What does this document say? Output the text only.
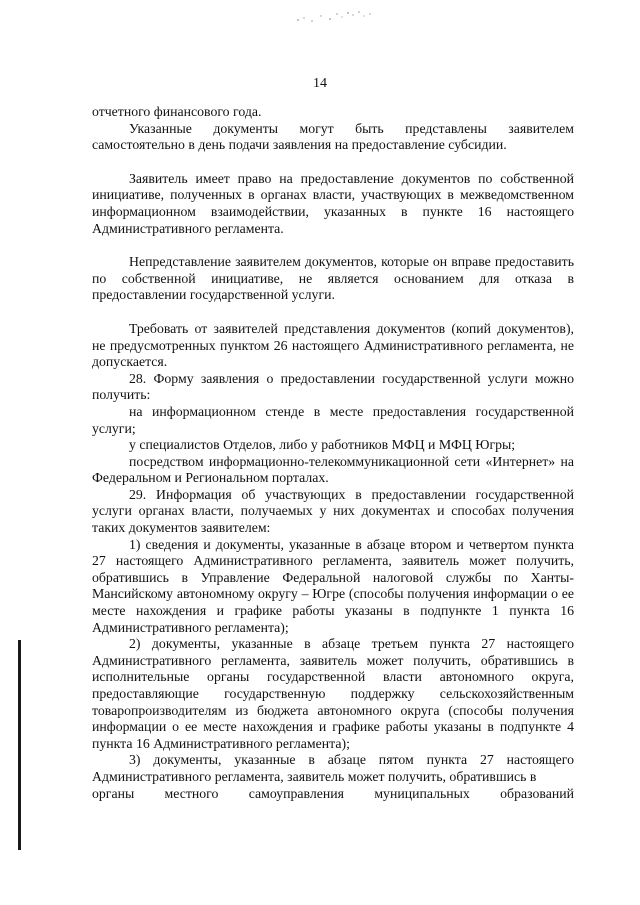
14

отчетного финансового года.

Указанные документы могут быть представлены заявителем самостоятельно в день подачи заявления на предоставление субсидии.

Заявитель имеет право на предоставление документов по собственной инициативе, полученных в органах власти, участвующих в межведомственном информационном взаимодействии, указанных в пункте 16 настоящего Административного регламента.

Непредставление заявителем документов, которые он вправе предоставить по собственной инициативе, не является основанием для отказа в предоставлении государственной услуги.

Требовать от заявителей представления документов (копий документов), не предусмотренных пунктом 26 настоящего Административного регламента, не допускается.

28. Форму заявления о предоставлении государственной услуги можно получить:

на информационном стенде в месте предоставления государственной услуги;

у специалистов Отделов, либо у работников МФЦ и МФЦ Югры;

посредством информационно-телекоммуникационной сети «Интернет» на Федеральном и Региональном порталах.

29. Информация об участвующих в предоставлении государственной услуги органах власти, получаемых у них документах и способах получения таких документов заявителем:

1) сведения и документы, указанные в абзаце втором и четвертом пункта 27 настоящего Административного регламента, заявитель может получить, обратившись в Управление Федеральной налоговой службы по Ханты-Мансийскому автономному округу – Югре (способы получения информации о ее месте нахождения и графике работы указаны в подпункте 1 пункта 16 Административного регламента);

2) документы, указанные в абзаце третьем пункта 27 настоящего Административного регламента, заявитель может получить, обратившись в исполнительные органы государственной власти автономного округа, предоставляющие государственную поддержку сельскохозяйственным товаропроизводителям из бюджета автономного округа (способы получения информации о ее месте нахождения и графике работы указаны в подпункте 4 пункта 16 Административного регламента);

3) документы, указанные в абзаце пятом пункта 27 настоящего Административного регламента, заявитель может получить, обратившись в

органы местного самоуправления муниципальных образований
